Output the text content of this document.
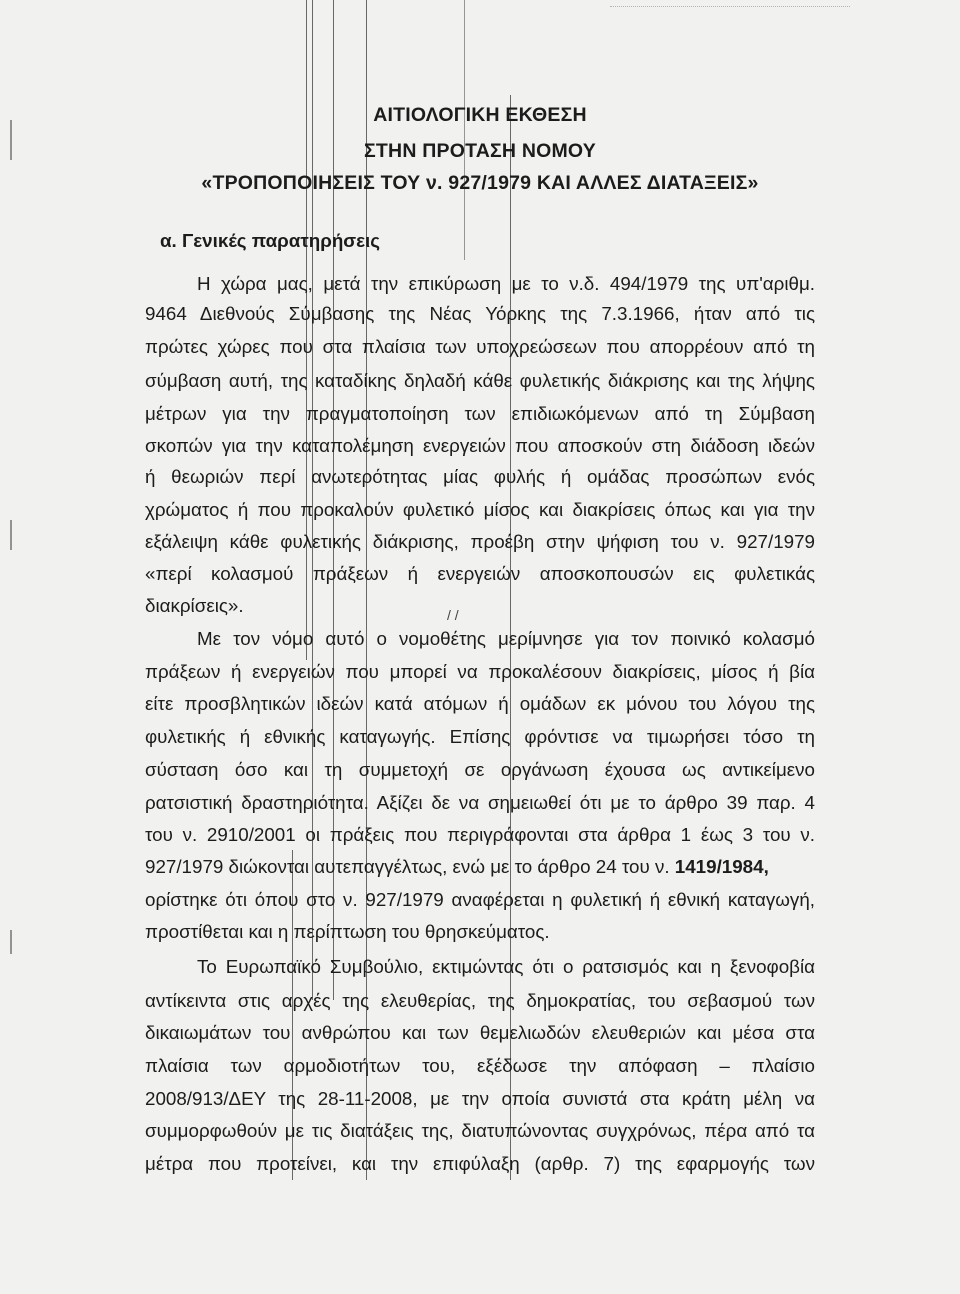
ΑΙΤΙΟΛΟΓΙΚΗ ΕΚΘΕΣΗ
ΣΤΗΝ ΠΡΟΤΑΣΗ ΝΟΜΟΥ
«ΤΡΟΠΟΠΟΙΗΣΕΙΣ ΤΟΥ ν. 927/1979 ΚΑΙ ΑΛΛΕΣ ΔΙΑΤΑΞΕΙΣ»
α. Γενικές παρατηρήσεις
Η χώρα μας, μετά την επικύρωση με το ν.δ. 494/1979 της υπ'αριθμ.
9464 Διεθνούς Σύμβασης της Νέας Υόρκης της 7.3.1966, ήταν από τις
πρώτες χώρες που στα πλαίσια των υποχρεώσεων που απορρέουν από τη
σύμβαση αυτή, της καταδίκης δηλαδή κάθε φυλετικής διάκρισης και της λήψης
μέτρων για την πραγματοποίηση των επιδιωκόμενων από τη Σύμβαση
σκοπών για την καταπολέμηση ενεργειών που αποσκούν στη διάδοση ιδεών
ή θεωριών περί ανωτερότητας μίας φυλής ή ομάδας προσώπων ενός
χρώματος ή που προκαλούν φυλετικό μίσος και διακρίσεις όπως και για την
εξάλειψη κάθε φυλετικής διάκρισης, προέβη στην ψήφιση του ν. 927/1979
«περί κολασμού πράξεων ή ενεργειών αποσκοπουσών εις φυλετικάς
διακρίσεις».	/ /
Με τον νόμο αυτό ο νομοθέτης μερίμνησε για τον ποινικό κολασμό
πράξεων ή ενεργειών που μπορεί να προκαλέσουν διακρίσεις, μίσος ή βία
είτε προσβλητικών ιδεών κατά ατόμων ή ομάδων εκ μόνου του λόγου της
φυλετικής ή εθνικής καταγωγής. Επίσης φρόντισε να τιμωρήσει τόσο τη
σύσταση όσο και τη συμμετοχή σε οργάνωση έχουσα ως αντικείμενο
ρατσιστική δραστηριότητα. Αξίζει δε να σημειωθεί ότι με το άρθρο 39 παρ. 4
του ν. 2910/2001 οι πράξεις που περιγράφονται στα άρθρα 1 έως 3 του ν.
927/1979 διώκονται αυτεπαγγέλτως, ενώ με το άρθρο 24 του ν. 1419/1984,
ορίστηκε ότι όπου στο ν. 927/1979 αναφέρεται η φυλετική ή εθνική καταγωγή,
προστίθεται και η περίπτωση του θρησκεύματος.
Το Ευρωπαϊκό Συμβούλιο, εκτιμώντας ότι ο ρατσισμός και η ξενοφοβία
αντίκειντα στις αρχές της ελευθερίας, της δημοκρατίας, του σεβασμού των
δικαιωμάτων του ανθρώπου και των θεμελιωδών ελευθεριών και μέσα στα
πλαίσια των αρμοδιοτήτων του, εξέδωσε την απόφαση – πλαίσιο
2008/913/ΔΕΥ της 28-11-2008, με την οποία συνιστά στα κράτη μέλη να
συμμορφωθούν με τις διατάξεις της, διατυπώνοντας συγχρόνως, πέρα από τα
μέτρα που προτείνει, και την επιφύλαξη (αρθρ. 7) της εφαρμογής των
